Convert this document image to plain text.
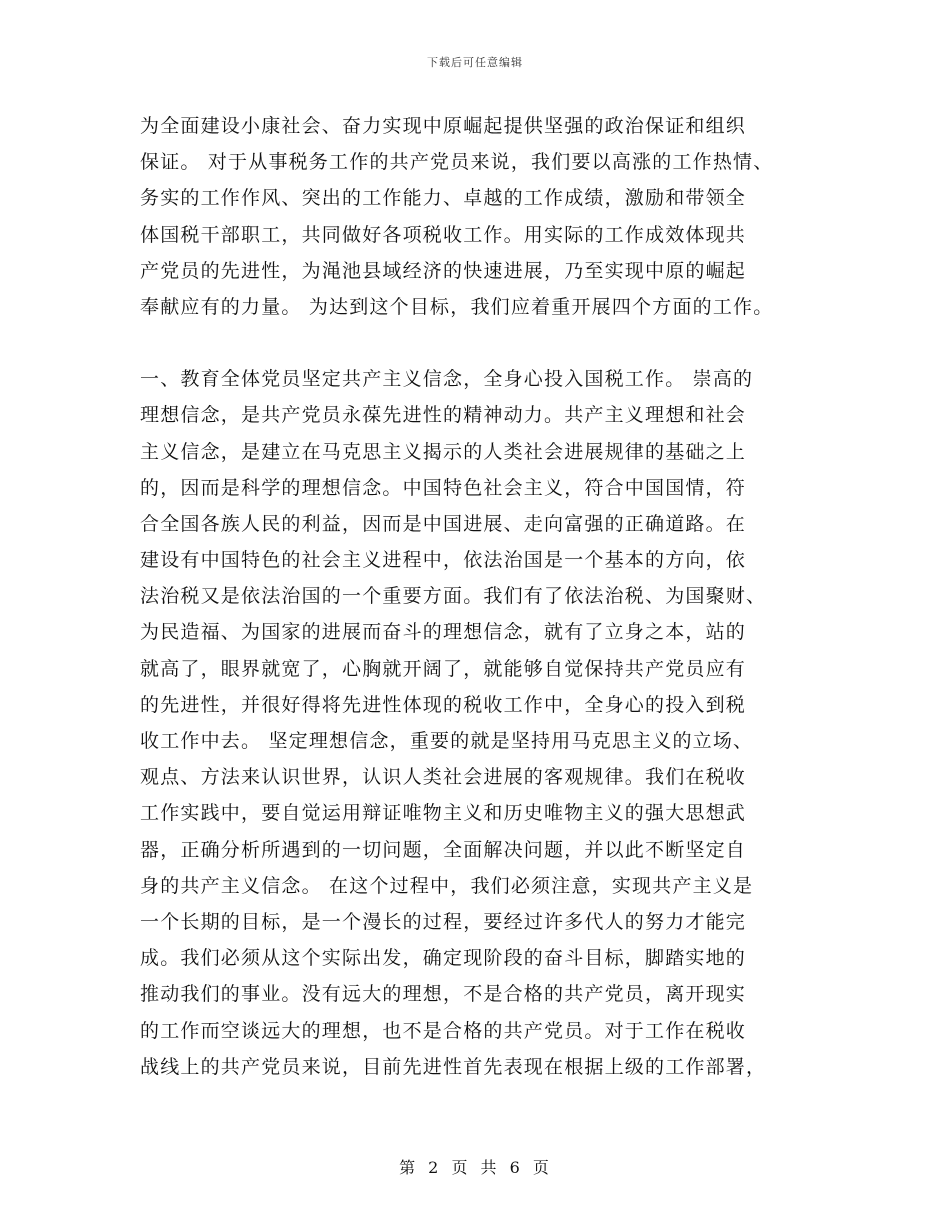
下载后可任意编辑
为全面建设小康社会、奋力实现中原崛起提供坚强的政治保证和组织
保证。 对于从事税务工作的共产党员来说，我们要以高涨的工作热情、
务实的工作作风、突出的工作能力、卓越的工作成绩，激励和带领全
体国税干部职工，共同做好各项税收工作。用实际的工作成效体现共
产党员的先进性，为渑池县域经济的快速进展，乃至实现中原的崛起
奉献应有的力量。 为达到这个目标，我们应着重开展四个方面的工作。
一、教育全体党员坚定共产主义信念，全身心投入国税工作。 崇高的
理想信念，是共产党员永葆先进性的精神动力。共产主义理想和社会
主义信念，是建立在马克思主义揭示的人类社会进展规律的基础之上
的，因而是科学的理想信念。中国特色社会主义，符合中国国情，符
合全国各族人民的利益，因而是中国进展、走向富强的正确道路。在
建设有中国特色的社会主义进程中，依法治国是一个基本的方向，依
法治税又是依法治国的一个重要方面。我们有了依法治税、为国聚财、
为民造福、为国家的进展而奋斗的理想信念，就有了立身之本，站的
就高了，眼界就宽了，心胸就开阔了，就能够自觉保持共产党员应有
的先进性，并很好得将先进性体现的税收工作中，全身心的投入到税
收工作中去。 坚定理想信念，重要的就是坚持用马克思主义的立场、
观点、方法来认识世界，认识人类社会进展的客观规律。我们在税收
工作实践中，要自觉运用辩证唯物主义和历史唯物主义的强大思想武
器，正确分析所遇到的一切问题，全面解决问题，并以此不断坚定自
身的共产主义信念。 在这个过程中，我们必须注意，实现共产主义是
一个长期的目标，是一个漫长的过程，要经过许多代人的努力才能完
成。我们必须从这个实际出发，确定现阶段的奋斗目标，脚踏实地的
推动我们的事业。没有远大的理想，不是合格的共产党员，离开现实
的工作而空谈远大的理想，也不是合格的共产党员。对于工作在税收
战线上的共产党员来说，目前先进性首先表现在根据上级的工作部署，
第 2 页 共 6 页
